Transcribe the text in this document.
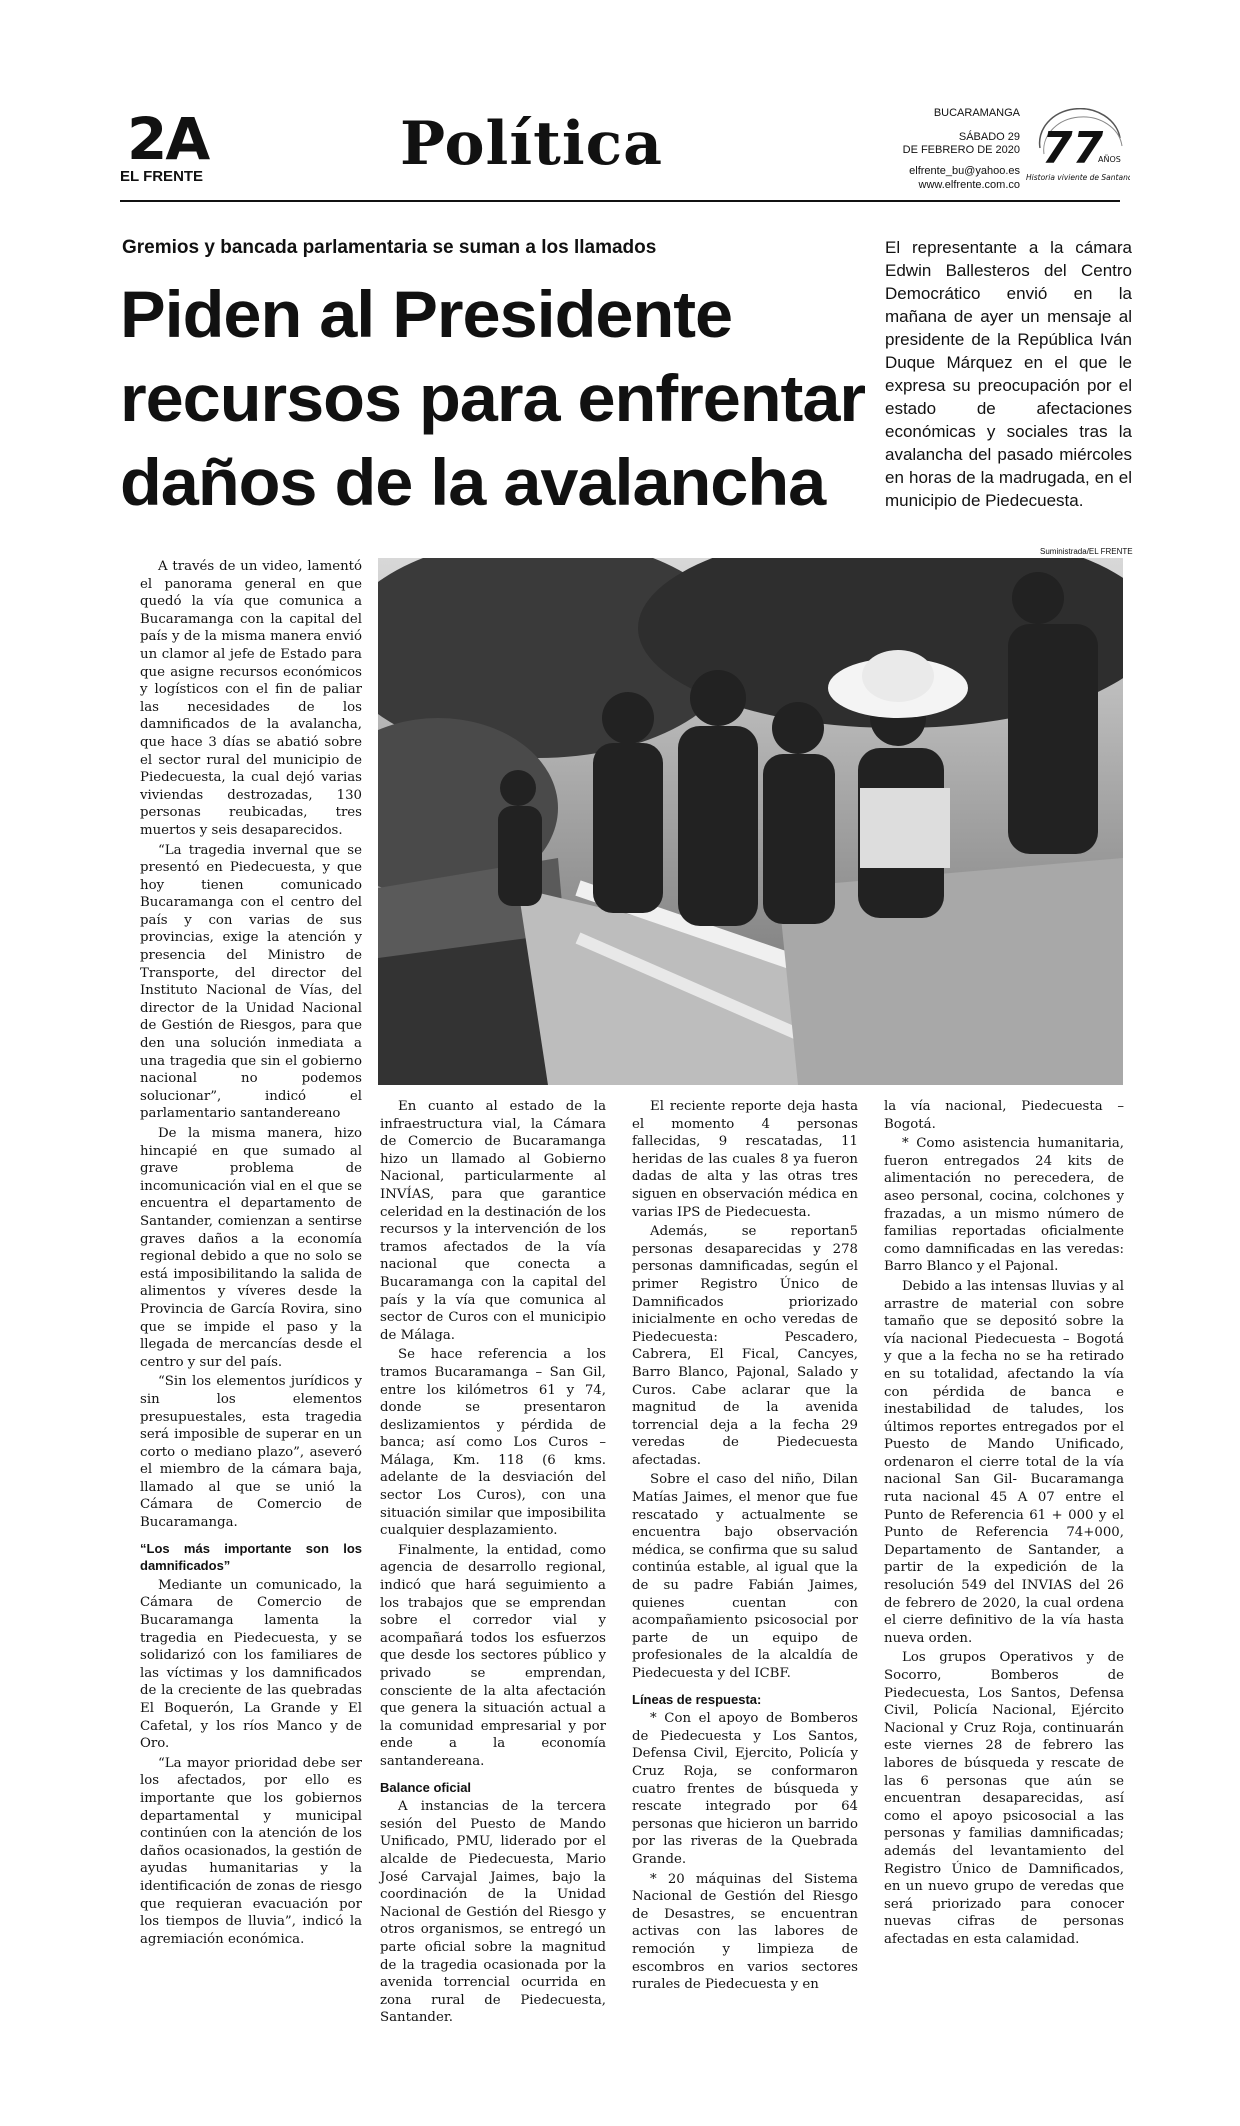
2A
EL FRENTE	Política	BUCARAMANGA
SÁBADO 29
DE FEBRERO DE 2020
elfrente_bu@yahoo.es
www.elfrente.com.co
77
AÑOS
Historia viviente de Santander
Gremios y bancada parlamentaria se suman a los llamados
Piden al Presidente
recursos para enfrentar
daños de la avalancha
El representante a la cámara Edwin Ballesteros del Centro Democrático envió en la mañana de ayer un mensaje al presidente de la República Iván Duque Márquez en el que le expresa su preocupación por el estado de afectaciones económicas y sociales tras la avalancha del pasado miércoles en horas de la madrugada, en el municipio de Piedecuesta.
Suministrada/EL FRENTE

A través de un video, lamentó el panorama general en que quedó la vía que comunica a Bucaramanga con la capital del país y de la misma manera envió un clamor al jefe de Estado para que asigne recursos económicos y logísticos con el fin de paliar las necesidades de los damnificados de la avalancha, que hace 3 días se abatió sobre el sector rural del municipio de Piedecuesta, la cual dejó varias viviendas destrozadas, 130 personas reubicadas, tres muertos y seis desaparecidos.

“La tragedia invernal que se presentó en Piedecuesta, y que hoy tienen comunicado Bucaramanga con el centro del país y con varias de sus provincias, exige la atención y presencia del Ministro de Transporte, del director del Instituto Nacional de Vías, del director de la Unidad Nacional de Gestión de Riesgos, para que den una solución inmediata a una tragedia que sin el gobierno nacional no podemos solucionar”, indicó el parlamentario santandereano

De la misma manera, hizo hincapié en que sumado al grave problema de incomunicación vial en el que se encuentra el departamento de Santander, comienzan a sentirse graves daños a la economía regional debido a que no solo se está imposibilitando la salida de alimentos y víveres desde la Provincia de García Rovira, sino que se impide el paso y la llegada de mercancías desde el centro y sur del país.

“Sin los elementos jurídicos y sin los elementos presupuestales, esta tragedia será imposible de superar en un corto o mediano plazo”, aseveró el miembro de la cámara baja, llamado al que se unió la Cámara de Comercio de Bucaramanga.

“Los más importante son los damnificados”

Mediante un comunicado, la Cámara de Comercio de Bucaramanga lamenta la tragedia en Piedecuesta, y se solidarizó con los familiares de las víctimas y los damnificados de la creciente de las quebradas El Boquerón, La Grande y El Cafetal, y los ríos Manco y de Oro.

“La mayor prioridad debe ser los afectados, por ello es importante que los gobiernos departamental y municipal continúen con la atención de los daños ocasionados, la gestión de ayudas humanitarias y la identificación de zonas de riesgo que requieran evacuación por los tiempos de lluvia”, indicó la agremiación económica.

En cuanto al estado de la infraestructura vial, la Cámara de Comercio de Bucaramanga hizo un llamado al Gobierno Nacional, particularmente al INVÍAS, para que garantice celeridad en la destinación de los recursos y la intervención de los tramos afectados de la vía nacional que conecta a Bucaramanga con la capital del país y la vía que comunica al sector de Curos con el municipio de Málaga.

Se hace referencia a los tramos Bucaramanga – San Gil, entre los kilómetros 61 y 74, donde se presentaron deslizamientos y pérdida de banca; así como Los Curos – Málaga, Km. 118 (6 kms. adelante de la desviación del sector Los Curos), con una situación similar que imposibilita cualquier desplazamiento.

Finalmente, la entidad, como agencia de desarrollo regional, indicó que hará seguimiento a los trabajos que se emprendan sobre el corredor vial y acompañará todos los esfuerzos que desde los sectores público y privado se emprendan, consciente de la alta afectación que genera la situación actual a la comunidad empresarial y por ende a la economía santandereana.

Balance oficial

A instancias de la tercera sesión del Puesto de Mando Unificado, PMU, liderado por el alcalde de Piedecuesta, Mario José Carvajal Jaimes, bajo la coordinación de la Unidad Nacional de Gestión del Riesgo y otros organismos, se entregó un parte oficial sobre la magnitud de la tragedia ocasionada por la avenida torrencial ocurrida en zona rural de Piedecuesta, Santander.

El reciente reporte deja hasta el momento 4 personas fallecidas, 9 rescatadas, 11 heridas de las cuales 8 ya fueron dadas de alta y las otras tres siguen en observación médica en varias IPS de Piedecuesta.

Además, se reportan5 personas desaparecidas y 278 personas damnificadas, según el primer Registro Único de Damnificados priorizado inicialmente en ocho veredas de Piedecuesta: Pescadero, Cabrera, El Fical, Cancyes, Barro Blanco, Pajonal, Salado y Curos. Cabe aclarar que la magnitud de la avenida torrencial deja a la fecha 29 veredas de Piedecuesta afectadas.

Sobre el caso del niño, Dilan Matías Jaimes, el menor que fue rescatado y actualmente se encuentra bajo observación médica, se confirma que su salud continúa estable, al igual que la de su padre Fabián Jaimes, quienes cuentan con acompañamiento psicosocial por parte de un equipo de profesionales de la alcaldía de Piedecuesta y del ICBF.

Líneas de respuesta:

* Con el apoyo de Bomberos de Piedecuesta y Los Santos, Defensa Civil, Ejercito, Policía y Cruz Roja, se conformaron cuatro frentes de búsqueda y rescate integrado por 64 personas que hicieron un barrido por las riveras de la Quebrada Grande.

* 20 máquinas del Sistema Nacional de Gestión del Riesgo de Desastres, se encuentran activas con las labores de remoción y limpieza de escombros en varios sectores rurales de Piedecuesta y en

la vía nacional, Piedecuesta – Bogotá.

* Como asistencia humanitaria, fueron entregados 24 kits de alimentación no perecedera, de aseo personal, cocina, colchones y frazadas, a un mismo número de familias reportadas oficialmente como damnificadas en las veredas: Barro Blanco y el Pajonal.

Debido a las intensas lluvias y al arrastre de material con sobre tamaño que se depositó sobre la vía nacional Piedecuesta – Bogotá y que a la fecha no se ha retirado en su totalidad, afectando la vía con pérdida de banca e inestabilidad de taludes, los últimos reportes entregados por el Puesto de Mando Unificado, ordenaron el cierre total de la vía nacional San Gil- Bucaramanga ruta nacional 45 A 07 entre el Punto de Referencia 61 + 000 y el Punto de Referencia 74+000, Departamento de Santander, a partir de la expedición de la resolución 549 del INVIAS del 26 de febrero de 2020, la cual ordena el cierre definitivo de la vía hasta nueva orden.

Los grupos Operativos y de Socorro, Bomberos de Piedecuesta, Los Santos, Defensa Civil, Policía Nacional, Ejército Nacional y Cruz Roja, continuarán este viernes 28 de febrero las labores de búsqueda y rescate de las 6 personas que aún se encuentran desaparecidas, así como el apoyo psicosocial a las personas y familias damnificadas; además del levantamiento del Registro Único de Damnificados, en un nuevo grupo de veredas que será priorizado para conocer nuevas cifras de personas afectadas en esta calamidad.
